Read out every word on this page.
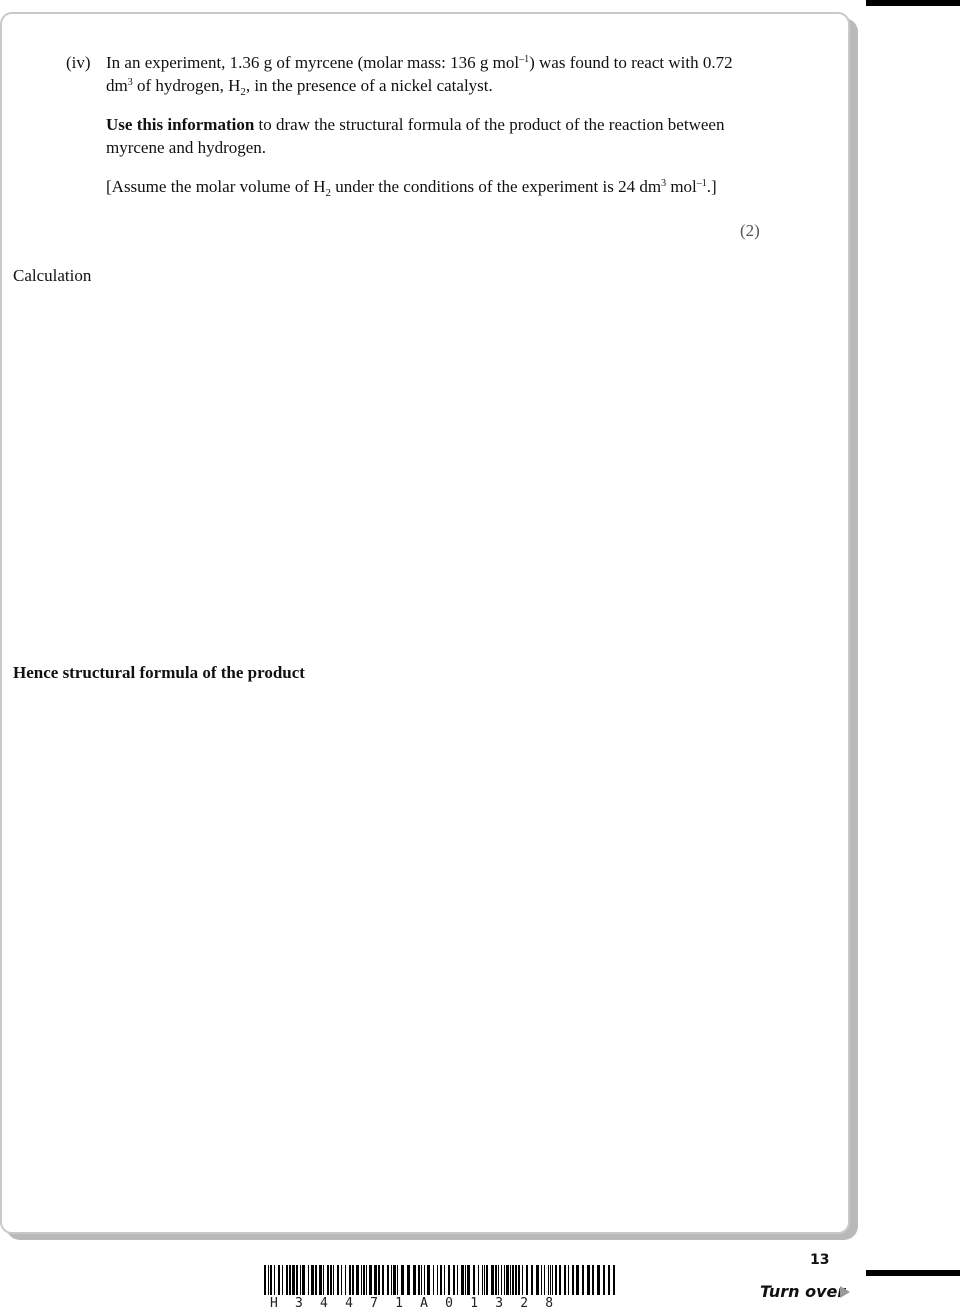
(iv) In an experiment, 1.36 g of myrcene (molar mass: 136 g mol$^{-1}$) was found to react with 0.72 $dm^3$ of hydrogen, $H_2$, in the presence of a nickel catalyst.
Use this information to draw the structural formula of the product of the reaction between myrcene and hydrogen.
[Assume the molar volume of $H_2$ under the conditions of the experiment is 24 $dm^3$ mol$^{-1}$.]
(2)
Calculation
Hence structural formula of the product
13
Turn over
H34471A01328
